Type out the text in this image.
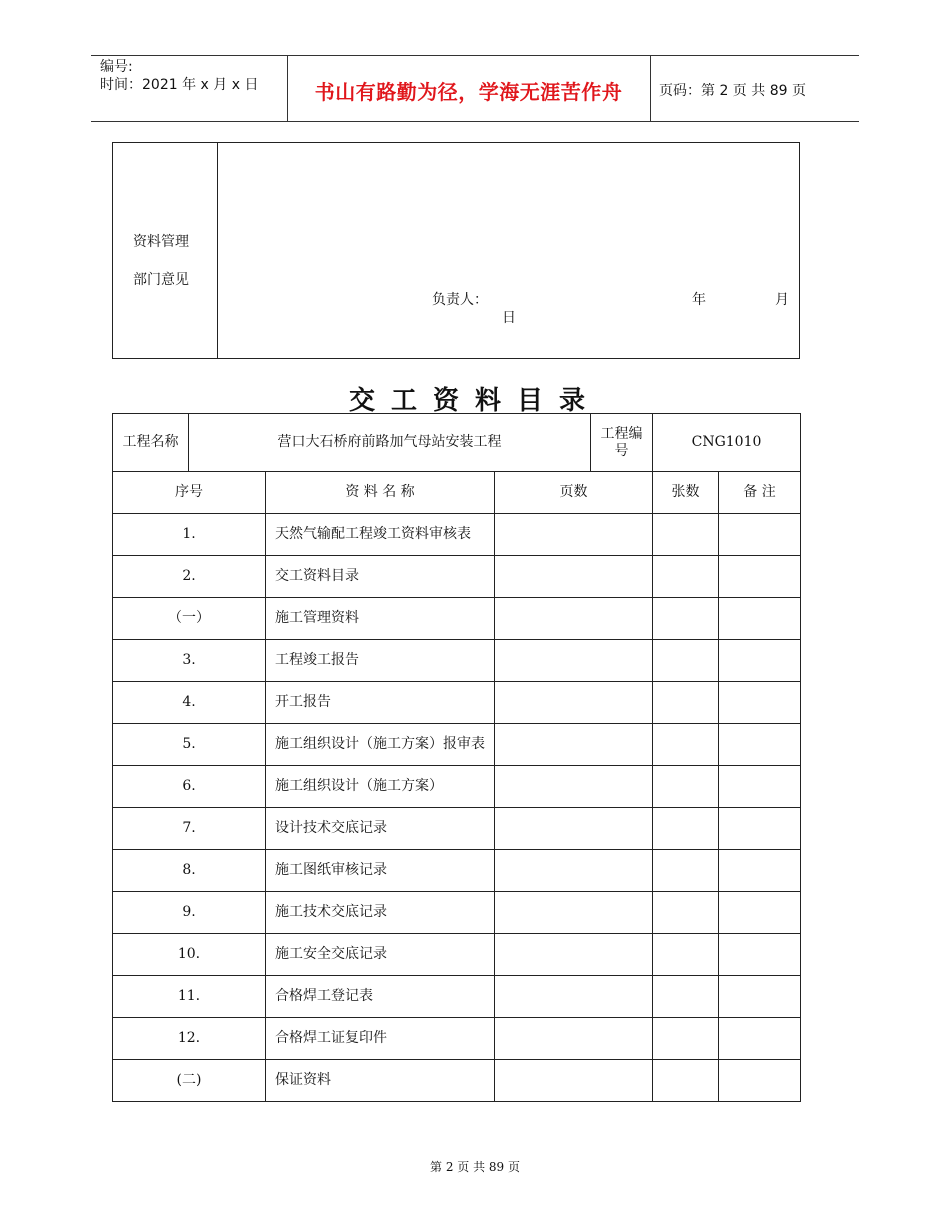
编号:
时间：2021 年 x 月 x 日	书山有路勤为径，学海无涯苦作舟	页码：第 2 页 共 89 页
资料管理
部门意见
负责人：	年	月
日
交工资料目录
工程名称	营口大石桥府前路加气母站安装工程			工程编号	CNG1010	
序号		资 料 名 称	页数		张数	备 注
1.		天然气输配工程竣工资料审核表				
2.		交工资料目录				
（一）		施工管理资料				
3.		工程竣工报告				
4.		开工报告				
5.		施工组织设计（施工方案）报审表				
6.		施工组织设计（施工方案）				
7.		设计技术交底记录				
8.		施工图纸审核记录				
9.		施工技术交底记录				
10.		施工安全交底记录				
11.		合格焊工登记表				
12.		合格焊工证复印件				
(二)		保证资料				
第 2 页 共 89 页
